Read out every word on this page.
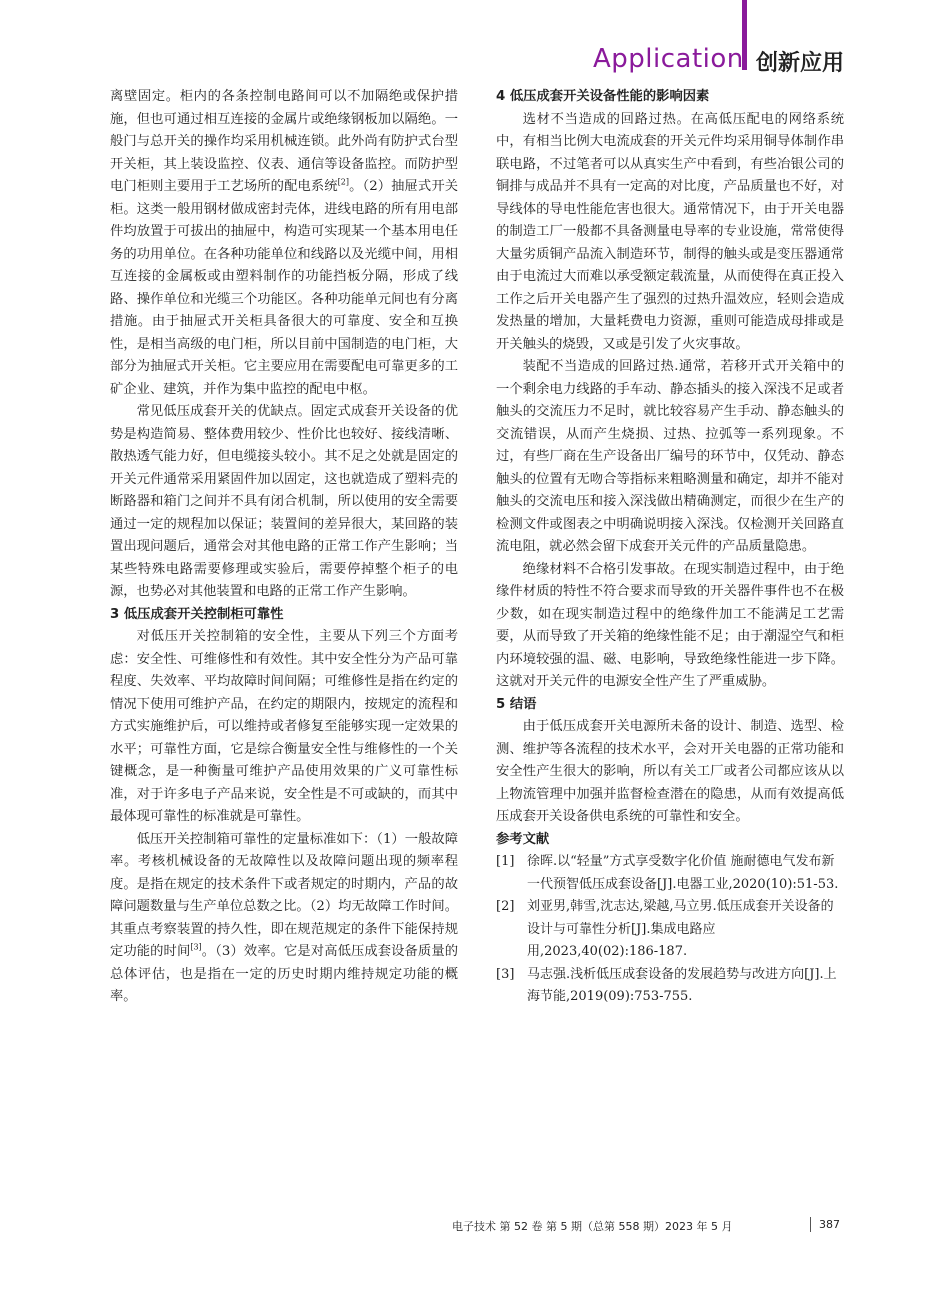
Application 创新应用

离壁固定。柜内的各条控制电路间可以不加隔绝或保护措施，但也可通过相互连接的金属片或绝缘钢板加以隔绝。一般门与总开关的操作均采用机械连锁。此外尚有防护式台型开关柜，其上装设监控、仪表、通信等设备监控。而防护型电门柜则主要用于工艺场所的配电系统[2]。（2）抽屉式开关柜。这类一般用钢材做成密封壳体，进线电路的所有用电部件均放置于可拔出的抽屉中，构造可实现某一个基本用电任务的功用单位。在各种功能单位和线路以及光缆中间，用相互连接的金属板或由塑料制作的功能挡板分隔，形成了线路、操作单位和光缆三个功能区。各种功能单元间也有分离措施。由于抽屉式开关柜具备很大的可靠度、安全和互换性，是相当高级的电门柜，所以目前中国制造的电门柜，大部分为抽屉式开关柜。它主要应用在需要配电可靠更多的工矿企业、建筑，并作为集中监控的配电中枢。

常见低压成套开关的优缺点。固定式成套开关设备的优势是构造简易、整体费用较少、性价比也较好、接线清晰、散热透气能力好，但电缆接头较小。其不足之处就是固定的开关元件通常采用紧固件加以固定，这也就造成了塑料壳的断路器和箱门之间并不具有闭合机制，所以使用的安全需要通过一定的规程加以保证；装置间的差异很大，某回路的装置出现问题后，通常会对其他电路的正常工作产生影响；当某些特殊电路需要修理或实验后，需要停掉整个柜子的电源，也势必对其他装置和电路的正常工作产生影响。

3 低压成套开关控制柜可靠性

对低压开关控制箱的安全性，主要从下列三个方面考虑：安全性、可维修性和有效性。其中安全性分为产品可靠程度、失效率、平均故障时间间隔；可维修性是指在约定的情况下使用可维护产品，在约定的期限内，按规定的流程和方式实施维护后，可以维持或者修复至能够实现一定效果的水平；可靠性方面，它是综合衡量安全性与维修性的一个关键概念，是一种衡量可维护产品使用效果的广义可靠性标准，对于许多电子产品来说，安全性是不可或缺的，而其中最体现可靠性的标准就是可靠性。

低压开关控制箱可靠性的定量标准如下：（1）一般故障率。考核机械设备的无故障性以及故障问题出现的频率程度。是指在规定的技术条件下或者规定的时期内，产品的故障问题数量与生产单位总数之比。（2）均无故障工作时间。其重点考察装置的持久性，即在规范规定的条件下能保持规定功能的时间[3]。（3）效率。它是对高低压成套设备质量的总体评估，也是指在一定的历史时期内维持规定功能的概率。

4 低压成套开关设备性能的影响因素

选材不当造成的回路过热。在高低压配电的网络系统中，有相当比例大电流成套的开关元件均采用铜导体制作串联电路，不过笔者可以从真实生产中看到，有些冶银公司的铜排与成品并不具有一定高的对比度，产品质量也不好，对导线体的导电性能危害也很大。通常情况下，由于开关电器的制造工厂一般都不具备测量电导率的专业设施，常常使得大量劣质铜产品流入制造环节，制得的触头或是变压器通常由于电流过大而难以承受额定载流量，从而使得在真正投入工作之后开关电器产生了强烈的过热升温效应，轻则会造成发热量的增加，大量耗费电力资源，重则可能造成母排或是开关触头的烧毁，又或是引发了火灾事故。

装配不当造成的回路过热.通常，若移开式开关箱中的一个剩余电力线路的手车动、静态插头的接入深浅不足或者触头的交流压力不足时，就比较容易产生手动、静态触头的交流错误，从而产生烧损、过热、拉弧等一系列现象。不过，有些厂商在生产设备出厂编号的环节中，仅凭动、静态触头的位置有无吻合等指标来粗略测量和确定，却并不能对触头的交流电压和接入深浅做出精确测定，而很少在生产的检测文件或图表之中明确说明接入深浅。仅检测开关回路直流电阻，就必然会留下成套开关元件的产品质量隐患。

绝缘材料不合格引发事故。在现实制造过程中，由于绝缘件材质的特性不符合要求而导致的开关器件事件也不在极少数，如在现实制造过程中的绝缘件加工不能满足工艺需要，从而导致了开关箱的绝缘性能不足；由于潮湿空气和柜内环境较强的温、磁、电影响，导致绝缘性能进一步下降。这就对开关元件的电源安全性产生了严重威胁。

5 结语

由于低压成套开关电源所未备的设计、制造、选型、检测、维护等各流程的技术水平，会对开关电器的正常功能和安全性产生很大的影响，所以有关工厂或者公司都应该从以上物流管理中加强并监督检查潜在的隐患，从而有效提高低压成套开关设备供电系统的可靠性和安全。

参考文献
[1] 徐晖.以“轻量”方式享受数字化价值 施耐德电气发布新一代预智低压成套设备[J].电器工业,2020(10):51-53.
[2] 刘亚男,韩雪,沈志达,梁越,马立男.低压成套开关设备的设计与可靠性分析[J].集成电路应用,2023,40(02):186-187.
[3] 马志强.浅析低压成套设备的发展趋势与改进方向[J].上海节能,2019(09):753-755.
电子技术 第 52 卷 第 5 期（总第 558 期）2023 年 5 月	387
